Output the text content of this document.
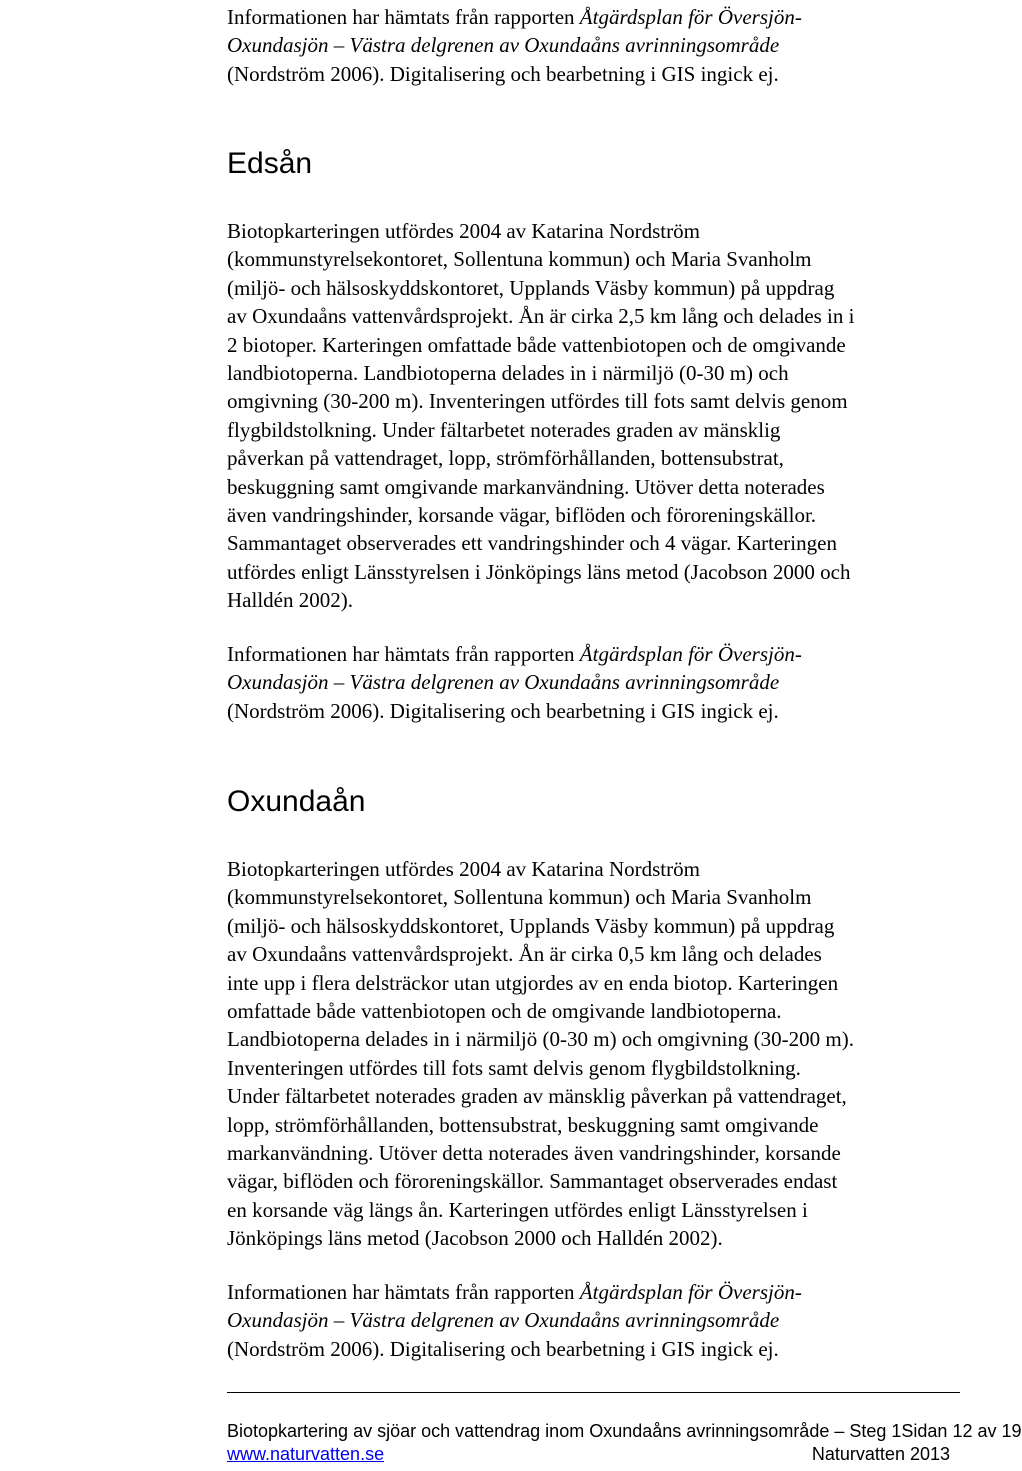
Informationen har hämtats från rapporten Åtgärdsplan för Översjön-
Oxundasjön – Västra delgrenen av Oxundaåns avrinningsområde
(Nordström 2006). Digitalisering och bearbetning i GIS ingick ej.
Edsån
Biotopkarteringen utfördes 2004 av Katarina Nordström
(kommunstyrelsekontoret, Sollentuna kommun) och Maria Svanholm
(miljö- och hälsoskyddskontoret, Upplands Väsby kommun) på uppdrag
av Oxundaåns vattenvårdsprojekt. Ån är cirka 2,5 km lång och delades in i
2 biotoper. Karteringen omfattade både vattenbiotopen och de omgivande
landbiotoperna. Landbiotoperna delades in i närmiljö (0-30 m) och
omgivning (30-200 m). Inventeringen utfördes till fots samt delvis genom
flygbildstolkning. Under fältarbetet noterades graden av mänsklig
påverkan på vattendraget, lopp, strömförhållanden, bottensubstrat,
beskuggning samt omgivande markanvändning. Utöver detta noterades
även vandringshinder, korsande vägar, biflöden och föroreningskällor.
Sammantaget observerades ett vandringshinder och 4 vägar. Karteringen
utfördes enligt Länsstyrelsen i Jönköpings läns metod (Jacobson 2000 och
Halldén 2002).
Informationen har hämtats från rapporten Åtgärdsplan för Översjön-
Oxundasjön – Västra delgrenen av Oxundaåns avrinningsområde
(Nordström 2006). Digitalisering och bearbetning i GIS ingick ej.
Oxundaån
Biotopkarteringen utfördes 2004 av Katarina Nordström
(kommunstyrelsekontoret, Sollentuna kommun) och Maria Svanholm
(miljö- och hälsoskyddskontoret, Upplands Väsby kommun) på uppdrag
av Oxundaåns vattenvårdsprojekt. Ån är cirka 0,5 km lång och delades
inte upp i flera delsträckor utan utgjordes av en enda biotop. Karteringen
omfattade både vattenbiotopen och de omgivande landbiotoperna.
Landbiotoperna delades in i närmiljö (0-30 m) och omgivning (30-200 m).
Inventeringen utfördes till fots samt delvis genom flygbildstolkning.
Under fältarbetet noterades graden av mänsklig påverkan på vattendraget,
lopp, strömförhållanden, bottensubstrat, beskuggning samt omgivande
markanvändning. Utöver detta noterades även vandringshinder, korsande
vägar, biflöden och föroreningskällor. Sammantaget observerades endast
en korsande väg längs ån. Karteringen utfördes enligt Länsstyrelsen i
Jönköpings läns metod (Jacobson 2000 och Halldén 2002).
Informationen har hämtats från rapporten Åtgärdsplan för Översjön-
Oxundasjön – Västra delgrenen av Oxundaåns avrinningsområde
(Nordström 2006). Digitalisering och bearbetning i GIS ingick ej.
Biotopkartering av sjöar och vattendrag inom Oxundaåns avrinningsområde – Steg 1 Sidan 12 av 19
www.naturvatten.se	Naturvatten 2013
